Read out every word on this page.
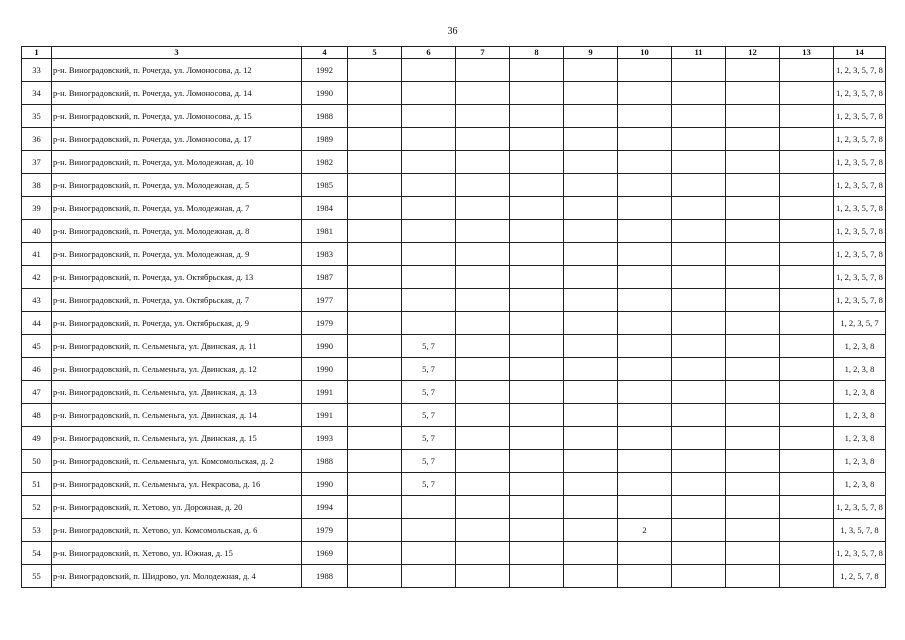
36
1	3	4	5	6	7	8	9	10	11	12	13	14
33	р-н. Виноградовский, п. Рочегда, ул. Ломоносова, д. 12	1992										1, 2, 3, 5, 7, 8
34	р-н. Виноградовский, п. Рочегда, ул. Ломоносова, д. 14	1990										1, 2, 3, 5, 7, 8
35	р-н. Виноградовский, п. Рочегда, ул. Ломоносова, д. 15	1988										1, 2, 3, 5, 7, 8
36	р-н. Виноградовский, п. Рочегда, ул. Ломоносова, д. 17	1989										1, 2, 3, 5, 7, 8
37	р-н. Виноградовский, п. Рочегда, ул. Молодежная, д. 10	1982										1, 2, 3, 5, 7, 8
38	р-н. Виноградовский, п. Рочегда, ул. Молодежная, д. 5	1985										1, 2, 3, 5, 7, 8
39	р-н. Виноградовский, п. Рочегда, ул. Молодежная, д. 7	1984										1, 2, 3, 5, 7, 8
40	р-н. Виноградовский, п. Рочегда, ул. Молодежная, д. 8	1981										1, 2, 3, 5, 7, 8
41	р-н. Виноградовский, п. Рочегда, ул. Молодежная, д. 9	1983										1, 2, 3, 5, 7, 8
42	р-н. Виноградовский, п. Рочегда, ул. Октябрьская, д. 13	1987										1, 2, 3, 5, 7, 8
43	р-н. Виноградовский, п. Рочегда, ул. Октябрьская, д. 7	1977										1, 2, 3, 5, 7, 8
44	р-н. Виноградовский, п. Рочегда, ул. Октябрьская, д. 9	1979										1, 2, 3, 5, 7
45	р-н. Виноградовский, п. Сельменьга, ул. Двинская, д. 11	1990		5, 7								1, 2, 3, 8
46	р-н. Виноградовский, п. Сельменьга, ул. Двинская, д. 12	1990		5, 7								1, 2, 3, 8
47	р-н. Виноградовский, п. Сельменьга, ул. Двинская, д. 13	1991		5, 7								1, 2, 3, 8
48	р-н. Виноградовский, п. Сельменьга, ул. Двинская, д. 14	1991		5, 7								1, 2, 3, 8
49	р-н. Виноградовский, п. Сельменьга, ул. Двинская, д. 15	1993		5, 7								1, 2, 3, 8
50	р-н. Виноградовский, п. Сельменьга, ул. Комсомольская, д. 2	1988		5, 7								1, 2, 3, 8
51	р-н. Виноградовский, п. Сельменьга, ул. Некрасова, д. 16	1990		5, 7								1, 2, 3, 8
52	р-н. Виноградовский, п. Хетово, ул. Дорожная, д. 20	1994										1, 2, 3, 5, 7, 8
53	р-н. Виноградовский, п. Хетово, ул. Комсомольская, д. 6	1979						2				1, 3, 5, 7, 8
54	р-н. Виноградовский, п. Хетово, ул. Южная, д. 15	1969										1, 2, 3, 5, 7, 8
55	р-н. Виноградовский, п. Шидрово, ул. Молодежная, д. 4	1988										1, 2, 5, 7, 8
